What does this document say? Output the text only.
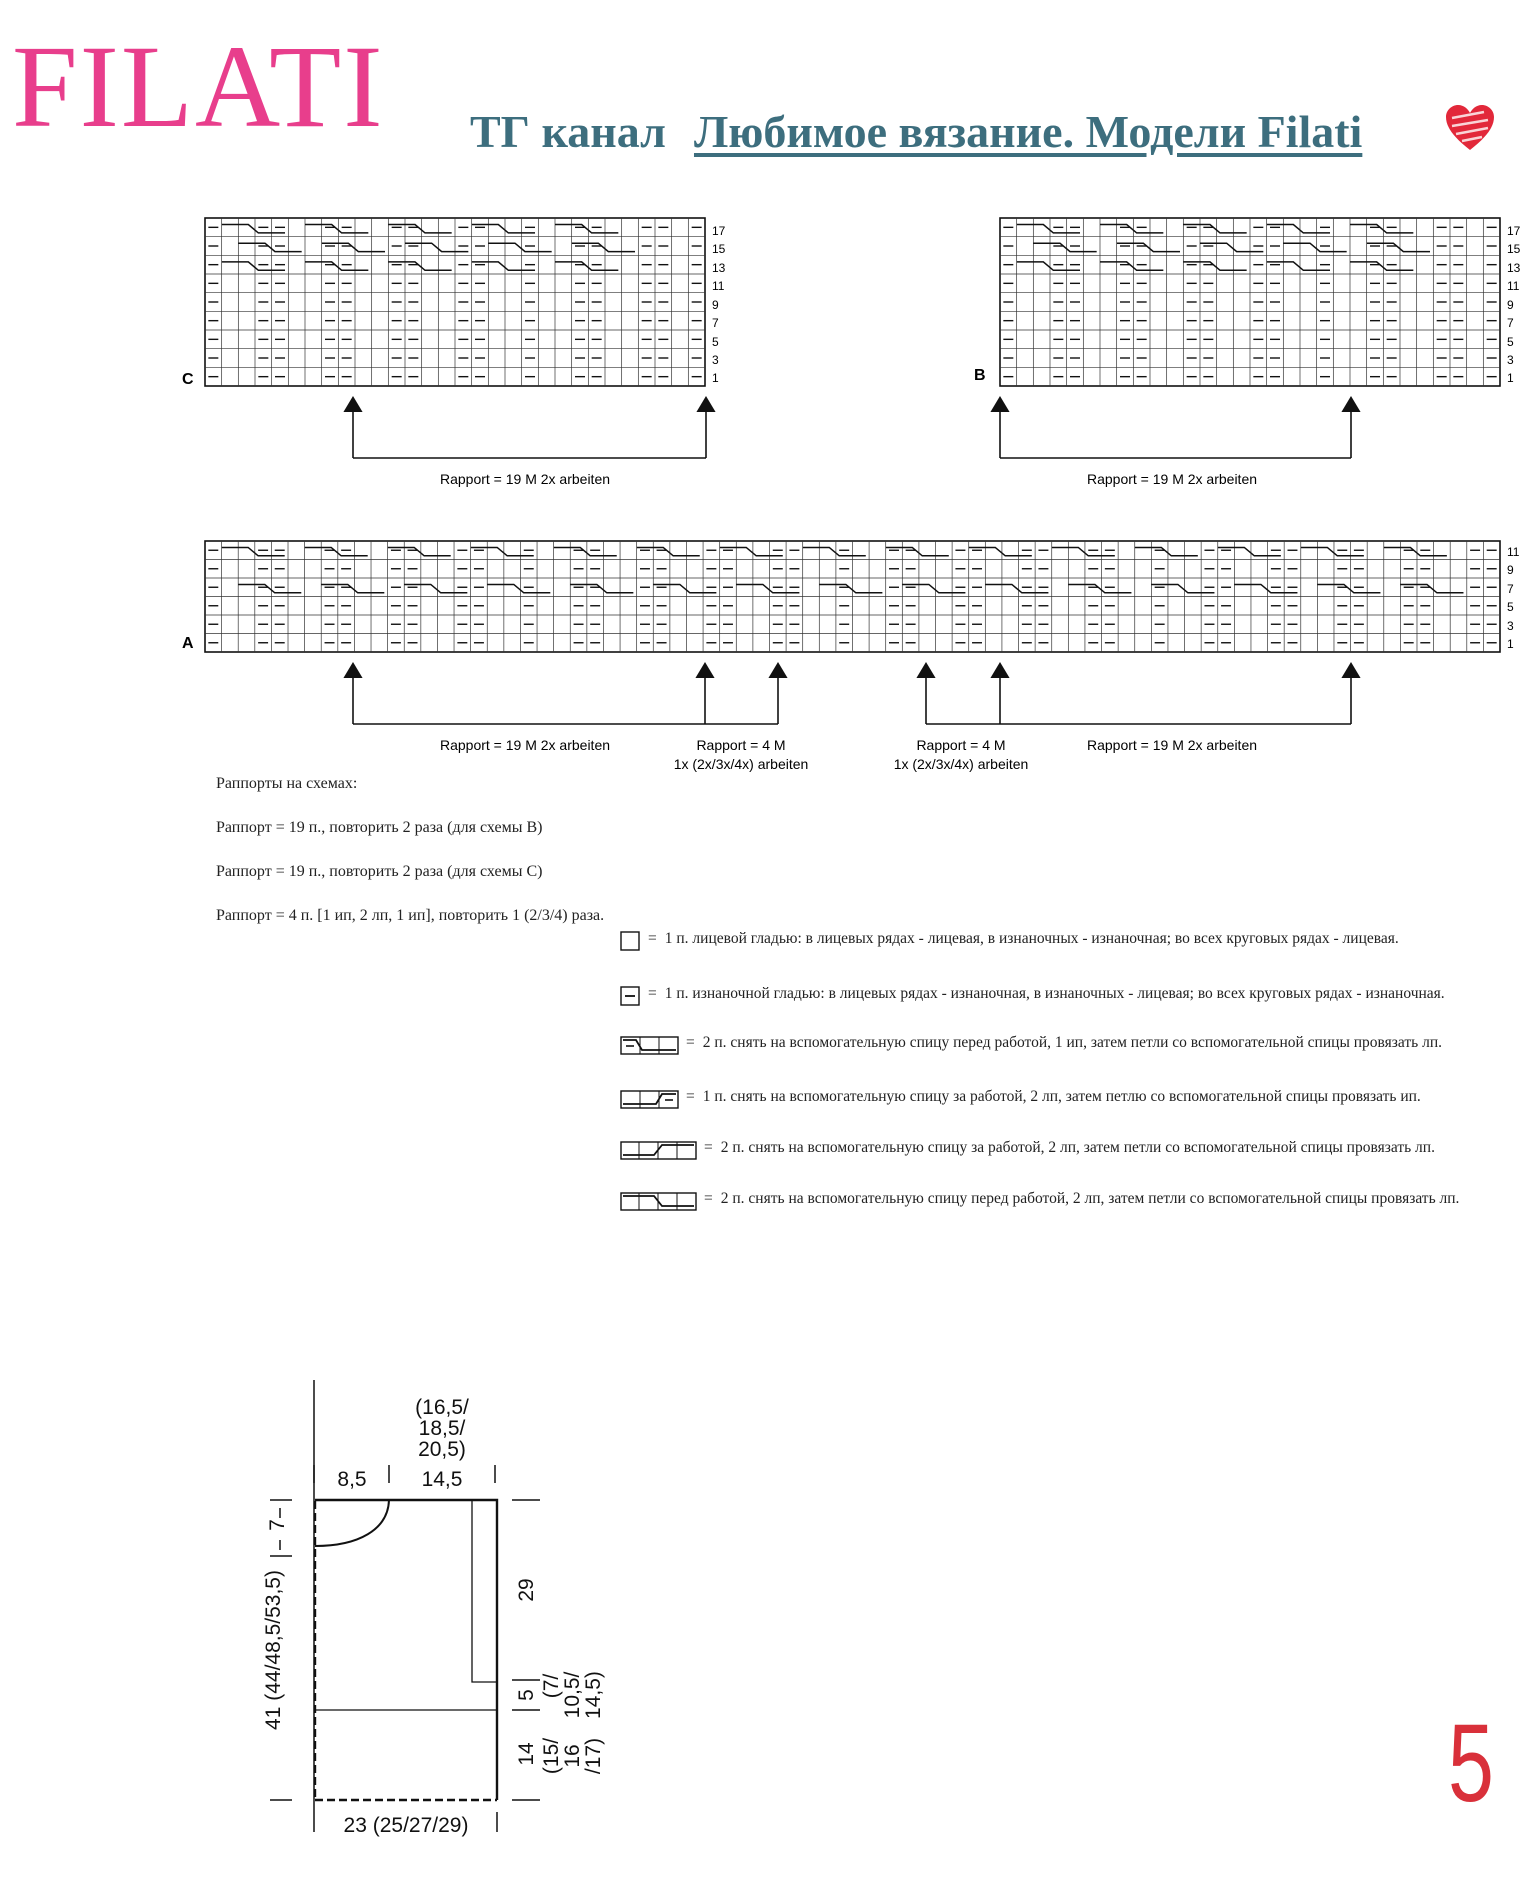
FILATI ТГ канал Любимое вязание. Модели Filati
C
17
15
13
11
9
7
5
3
1
Rapport = 19 M 2x arbeiten
B
17
15
13
11
9
7
5
3
1
Rapport = 19 M 2x arbeiten
A
11
9
7
5
3
1
Rapport = 19 M 2x arbeiten	Rapport = 4 M
1x (2x/3x/4x) arbeiten
Rapport = 4 M
1x (2x/3x/4x) arbeiten
Rapport = 19 M 2x arbeiten
Раппорты на схемах:
Раппорт = 19 п., повторить 2 раза (для схемы В)
Раппорт = 19 п., повторить 2 раза (для схемы С)
Раппорт = 4 п. [1 ип, 2 лп, 1 ип], повторить 1 (2/3/4) раза.
= 1 п. лицевой гладью: в лицевых рядах - лицевая, в изнаночных - изнаночная; во всех круговых рядах - лицевая.
= 1 п. изнаночной гладью: в лицевых рядах - изнаночная, в изнаночных - лицевая; во всех круговых рядах - изнаночная.
= 2 п. снять на вспомогательную спицу перед работой, 1 ип, затем петли со вспомогательной спицы провязать лп.
= 1 п. снять на вспомогательную спицу за работой, 2 лп, затем петлю со вспомогательной спицы провязать ип.
= 2 п. снять на вспомогательную спицу за работой, 2 лп, затем петли со вспомогательной спицы провязать лп.
= 2 п. снять на вспомогательную спицу перед работой, 2 лп, затем петли со вспомогательной спицы провязать лп.
8,5	14,5
(16,5/
18,5/
20,5)
7
41 (44/48,5/53,5)	29
5 (7/
10,5/
14,5)
14 (15/
16
/17)
23 (25/27/29)
5
